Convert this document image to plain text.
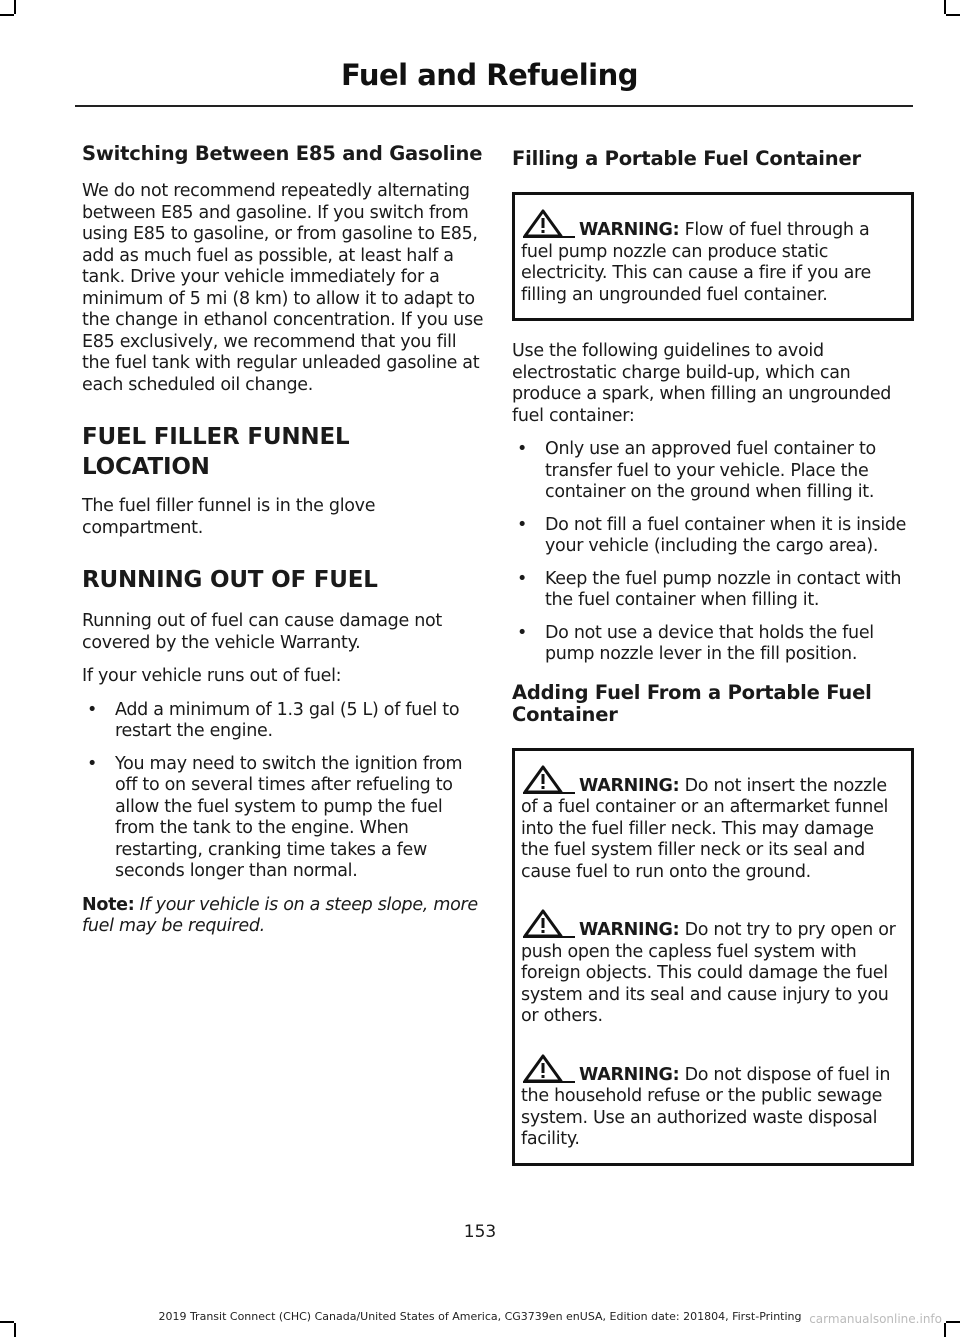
Fuel and Refueling
Switching Between E85 and Gasoline

We do not recommend repeatedly alternating between E85 and gasoline. If you switch from using E85 to gasoline, or from gasoline to E85, add as much fuel as possible, at least half a tank. Drive your vehicle immediately for a minimum of 5 mi (8 km) to allow it to adapt to the change in ethanol concentration. If you use E85 exclusively, we recommend that you fill the fuel tank with regular unleaded gasoline at each scheduled oil change.

FUEL FILLER FUNNEL
LOCATION

The fuel filler funnel is in the glove compartment.

RUNNING OUT OF FUEL

Running out of fuel can cause damage not covered by the vehicle Warranty.

If your vehicle runs out of fuel:

• Add a minimum of 1.3 gal (5 L) of fuel to restart the engine.
• You may need to switch the ignition from off to on several times after refueling to allow the fuel system to pump the fuel from the tank to the engine. When restarting, cranking time takes a few seconds longer than normal.

Note: If your vehicle is on a steep slope, more fuel may be required.

Filling a Portable Fuel Container

WARNING: Flow of fuel through a fuel pump nozzle can produce static electricity. This can cause a fire if you are filling an ungrounded fuel container.

Use the following guidelines to avoid electrostatic charge build-up, which can produce a spark, when filling an ungrounded fuel container:

• Only use an approved fuel container to transfer fuel to your vehicle. Place the container on the ground when filling it.
• Do not fill a fuel container when it is inside your vehicle (including the cargo area).
• Keep the fuel pump nozzle in contact with the fuel container when filling it.
• Do not use a device that holds the fuel pump nozzle lever in the fill position.
Adding Fuel From a Portable Fuel Container

WARNING: Do not insert the nozzle of a fuel container or an aftermarket funnel into the fuel filler neck. This may damage the fuel system filler neck or its seal and cause fuel to run onto the ground.

WARNING: Do not try to pry open or push open the capless fuel system with foreign objects. This could damage the fuel system and its seal and cause injury to you or others.

WARNING: Do not dispose of fuel in the household refuse or the public sewage system. Use an authorized waste disposal facility.

153
2019 Transit Connect (CHC) Canada/United States of America, CG3739en enUSA, Edition date: 201804, First-Printing carmanualsonline.info
